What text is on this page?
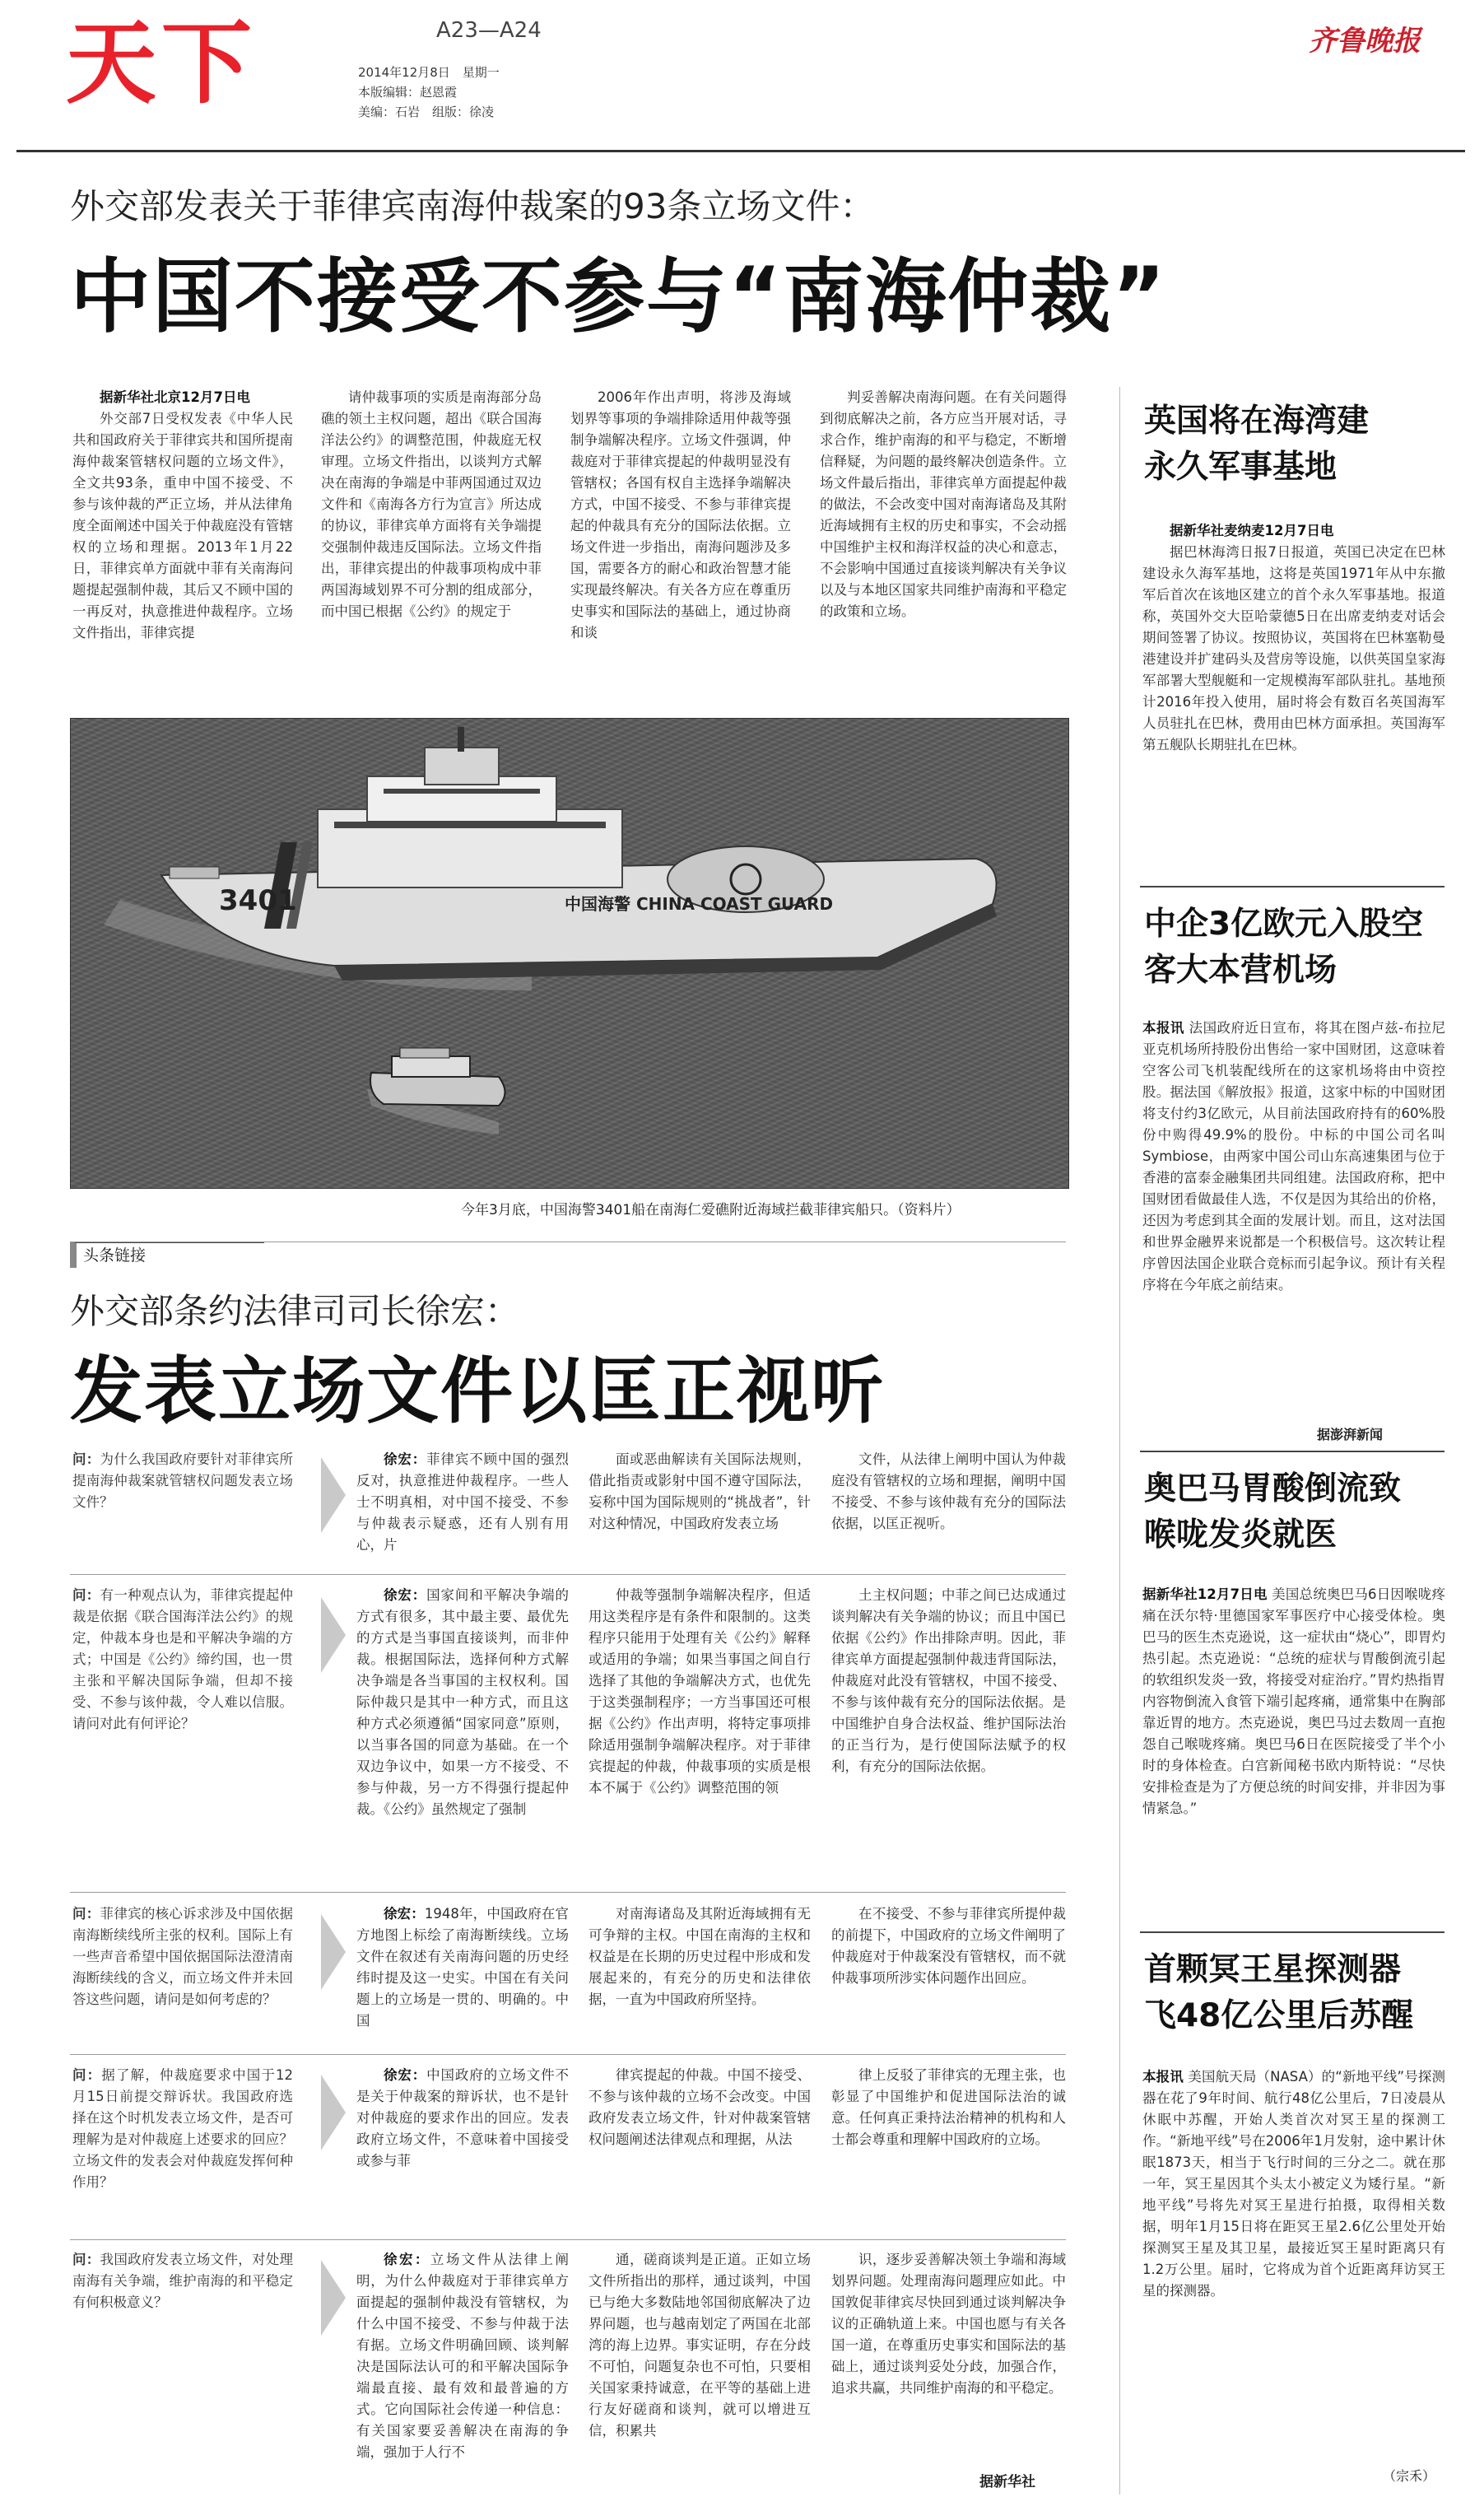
天下	A23—A24
2014年12月8日　星期一
本版编辑：赵恩霞
美编：石岩　组版：徐凌
齐鲁晚报
外交部发表关于菲律宾南海仲裁案的93条立场文件：
中国不接受不参与“南海仲裁”

据新华社北京12月7日电

外交部7日受权发表《中华人民共和国政府关于菲律宾共和国所提南海仲裁案管辖权问题的立场文件》，全文共93条，重申中国不接受、不参与该仲裁的严正立场，并从法律角度全面阐述中国关于仲裁庭没有管辖权的立场和理据。2013年1月22日，菲律宾单方面就中菲有关南海问题提起强制仲裁，其后又不顾中国的一再反对，执意推进仲裁程序。立场文件指出，菲律宾提

请仲裁事项的实质是南海部分岛礁的领土主权问题，超出《联合国海洋法公约》的调整范围，仲裁庭无权审理。立场文件指出，以谈判方式解决在南海的争端是中菲两国通过双边文件和《南海各方行为宣言》所达成的协议，菲律宾单方面将有关争端提交强制仲裁违反国际法。立场文件指出，菲律宾提出的仲裁事项构成中菲两国海域划界不可分割的组成部分，而中国已根据《公约》的规定于

2006年作出声明，将涉及海域划界等事项的争端排除适用仲裁等强制争端解决程序。立场文件强调，仲裁庭对于菲律宾提起的仲裁明显没有管辖权；各国有权自主选择争端解决方式，中国不接受、不参与菲律宾提起的仲裁具有充分的国际法依据。立场文件进一步指出，南海问题涉及多国，需要各方的耐心和政治智慧才能实现最终解决。有关各方应在尊重历史事实和国际法的基础上，通过协商和谈

判妥善解决南海问题。在有关问题得到彻底解决之前，各方应当开展对话，寻求合作，维护南海的和平与稳定，不断增信释疑，为问题的最终解决创造条件。立场文件最后指出，菲律宾单方面提起仲裁的做法，不会改变中国对南海诸岛及其附近海域拥有主权的历史和事实，不会动摇中国维护主权和海洋权益的决心和意志，不会影响中国通过直接谈判解决有关争议以及与本地区国家共同维护南海和平稳定的政策和立场。

中国海警 CHINA COAST GUARD
3401
今年3月底，中国海警3401船在南海仁爱礁附近海域拦截菲律宾船只。（资料片）
头条链接
外交部条约法律司司长徐宏：
发表立场文件以匡正视听
问：为什么我国政府要针对菲律宾所提南海仲裁案就管辖权问题发表立场文件？

徐宏：菲律宾不顾中国的强烈反对，执意推进仲裁程序。一些人士不明真相，对中国不接受、不参与仲裁表示疑惑，还有人别有用心，片

面或恶曲解读有关国际法规则，借此指责或影射中国不遵守国际法，妄称中国为国际规则的“挑战者”，针对这种情况，中国政府发表立场

文件，从法律上阐明中国认为仲裁庭没有管辖权的立场和理据，阐明中国不接受、不参与该仲裁有充分的国际法依据，以匡正视听。

问：有一种观点认为，菲律宾提起仲裁是依据《联合国海洋法公约》的规定，仲裁本身也是和平解决争端的方式；中国是《公约》缔约国，也一贯主张和平解决国际争端，但却不接受、不参与该仲裁，令人难以信服。请问对此有何评论？

徐宏：国家间和平解决争端的方式有很多，其中最主要、最优先的方式是当事国直接谈判，而非仲裁。根据国际法，选择何种方式解决争端是各当事国的主权权利。国际仲裁只是其中一种方式，而且这种方式必须遵循“国家同意”原则，以当事各国的同意为基础。在一个双边争议中，如果一方不接受、不参与仲裁，另一方不得强行提起仲裁。《公约》虽然规定了强制

仲裁等强制争端解决程序，但适用这类程序是有条件和限制的。这类程序只能用于处理有关《公约》解释或适用的争端；如果当事国之间自行选择了其他的争端解决方式，也优先于这类强制程序；一方当事国还可根据《公约》作出声明，将特定事项排除适用强制争端解决程序。对于菲律宾提起的仲裁，仲裁事项的实质是根本不属于《公约》调整范围的领

土主权问题；中菲之间已达成通过谈判解决有关争端的协议；而且中国已依据《公约》作出排除声明。因此，菲律宾单方面提起强制仲裁违背国际法，仲裁庭对此没有管辖权，中国不接受、不参与该仲裁有充分的国际法依据。是中国维护自身合法权益、维护国际法治的正当行为，是行使国际法赋予的权利，有充分的国际法依据。

问：菲律宾的核心诉求涉及中国依据南海断续线所主张的权利。国际上有一些声音希望中国依据国际法澄清南海断续线的含义，而立场文件并未回答这些问题，请问是如何考虑的？

徐宏：1948年，中国政府在官方地图上标绘了南海断续线。立场文件在叙述有关南海问题的历史经纬时提及这一史实。中国在有关问题上的立场是一贯的、明确的。中国

对南海诸岛及其附近海域拥有无可争辩的主权。中国在南海的主权和权益是在长期的历史过程中形成和发展起来的，有充分的历史和法律依据，一直为中国政府所坚持。

在不接受、不参与菲律宾所提仲裁的前提下，中国政府的立场文件阐明了仲裁庭对于仲裁案没有管辖权，而不就仲裁事项所涉实体问题作出回应。

问：据了解，仲裁庭要求中国于12月15日前提交辩诉状。我国政府选择在这个时机发表立场文件，是否可理解为是对仲裁庭上述要求的回应？立场文件的发表会对仲裁庭发挥何种作用？

徐宏：中国政府的立场文件不是关于仲裁案的辩诉状，也不是针对仲裁庭的要求作出的回应。发表政府立场文件，不意味着中国接受或参与菲

律宾提起的仲裁。中国不接受、不参与该仲裁的立场不会改变。中国政府发表立场文件，针对仲裁案管辖权问题阐述法律观点和理据，从法

律上反驳了菲律宾的无理主张，也彰显了中国维护和促进国际法治的诚意。任何真正秉持法治精神的机构和人士都会尊重和理解中国政府的立场。

问：我国政府发表立场文件，对处理南海有关争端，维护南海的和平稳定有何积极意义？

徐宏：立场文件从法律上阐明，为什么仲裁庭对于菲律宾单方面提起的强制仲裁没有管辖权，为什么中国不接受、不参与仲裁于法有据。立场文件明确回顾、谈判解决是国际法认可的和平解决国际争端最直接、最有效和最普遍的方式。它向国际社会传递一种信息：有关国家要妥善解决在南海的争端，强加于人行不

通，磋商谈判是正道。正如立场文件所指出的那样，通过谈判，中国已与绝大多数陆地邻国彻底解决了边界问题，也与越南划定了两国在北部湾的海上边界。事实证明，存在分歧不可怕，问题复杂也不可怕，只要相关国家秉持诚意，在平等的基础上进行友好磋商和谈判，就可以增进互信，积累共

识，逐步妥善解决领土争端和海域划界问题。处理南海问题理应如此。中国敦促菲律宾尽快回到通过谈判解决争议的正确轨道上来。中国也愿与有关各国一道，在尊重历史事实和国际法的基础上，通过谈判妥处分歧，加强合作，追求共赢，共同维护南海的和平稳定。

据新华社
英国将在海湾建永久军事基地
据新华社麦纳麦12月7日电
据巴林海湾日报7日报道，英国已决定在巴林建设永久海军基地，这将是英国1971年从中东撤军后首次在该地区建立的首个永久军事基地。报道称，英国外交大臣哈蒙德5日在出席麦纳麦对话会期间签署了协议。按照协议，英国将在巴林塞勒曼港建设并扩建码头及营房等设施，以供英国皇家海军部署大型舰艇和一定规模海军部队驻扎。基地预计2016年投入使用，届时将会有数百名英国海军人员驻扎在巴林，费用由巴林方面承担。英国海军第五舰队长期驻扎在巴林。
中企3亿欧元入股空客大本营机场
本报讯 法国政府近日宣布，将其在图卢兹-布拉尼亚克机场所持股份出售给一家中国财团，这意味着空客公司飞机装配线所在的这家机场将由中资控股。据法国《解放报》报道，这家中标的中国财团将支付约3亿欧元，从目前法国政府持有的60%股份中购得49.9%的股份。中标的中国公司名叫Symbiose，由两家中国公司山东高速集团与位于香港的富泰金融集团共同组建。法国政府称，把中国财团看做最佳人选，不仅是因为其给出的价格，还因为考虑到其全面的发展计划。而且，这对法国和世界金融界来说都是一个积极信号。这次转让程序曾因法国企业联合竞标而引起争议。预计有关程序将在今年底之前结束。
据澎湃新闻
奥巴马胃酸倒流致喉咙发炎就医
据新华社12月7日电 美国总统奥巴马6日因喉咙疼痛在沃尔特·里德国家军事医疗中心接受体检。奥巴马的医生杰克逊说，这一症状由“烧心”，即胃灼热引起。杰克逊说：“总统的症状与胃酸倒流引起的软组织发炎一致，将接受对症治疗。”胃灼热指胃内容物倒流入食管下端引起疼痛，通常集中在胸部靠近胃的地方。杰克逊说，奥巴马过去数周一直抱怨自己喉咙疼痛。奥巴马6日在医院接受了半个小时的身体检查。白宫新闻秘书欧内斯特说：“尽快安排检查是为了方便总统的时间安排，并非因为事情紧急。”
首颗冥王星探测器飞48亿公里后苏醒
本报讯 美国航天局（NASA）的“新地平线”号探测器在花了9年时间、航行48亿公里后，7日凌晨从休眠中苏醒，开始人类首次对冥王星的探测工作。“新地平线”号在2006年1月发射，途中累计休眠1873天，相当于飞行时间的三分之二。就在那一年，冥王星因其个头太小被定义为矮行星。“新地平线”号将先对冥王星进行拍摄，取得相关数据，明年1月15日将在距冥王星2.6亿公里处开始探测冥王星及其卫星，最接近冥王星时距离只有1.2万公里。届时，它将成为首个近距离拜访冥王星的探测器。
（宗禾）
